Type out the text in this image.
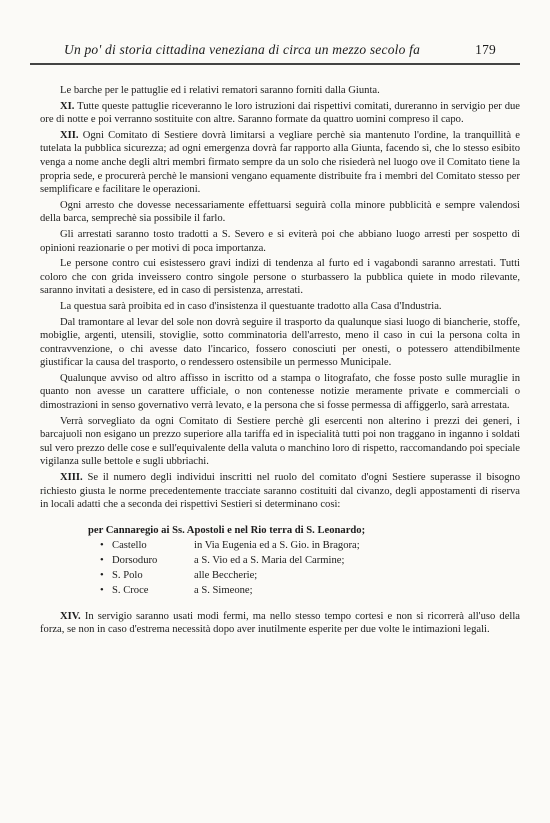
Un po' di storia cittadina veneziana di circa un mezzo secolo fa	179

Le barche per le pattuglie ed i relativi rematori saranno forniti dalla Giunta.

XI. Tutte queste pattuglie riceveranno le loro istruzioni dai rispettivi comitati, dureranno in servigio per due ore di notte e poi verranno sostituite con altre. Saranno formate da quattro uomini compreso il capo.

XII. Ogni Comitato di Sestiere dovrà limitarsi a vegliare perchè sia mantenuto l'ordine, la tranquillità e tutelata la pubblica sicurezza; ad ogni emergenza dovrà far rapporto alla Giunta, facendo sì, che lo stesso esibito venga a nome anche degli altri membri firmato sempre da un solo che risiederà nel luogo ove il Comitato tiene la propria sede, e procurerà perchè le mansioni vengano equamente distribuite fra i membri del Comitato stesso per semplificare e facilitare le operazioni.

Ogni arresto che dovesse necessariamente effettuarsi seguirà colla minore pubblicità e sempre valendosi della barca, semprechè sia possibile il farlo.

Gli arrestati saranno tosto tradotti a S. Severo e si eviterà poi che abbiano luogo arresti per sospetto di opinioni reazionarie o per motivi di poca importanza.

Le persone contro cui esistessero gravi indizi di tendenza al furto ed i vagabondi saranno arrestati. Tutti coloro che con grida inveissero contro singole persone o sturbassero la pubblica quiete in modo rilevante, saranno invitati a desistere, ed in caso di persistenza, arrestati.

La questua sarà proibita ed in caso d'insistenza il questuante tradotto alla Casa d'Industria.

Dal tramontare al levar del sole non dovrà seguire il trasporto da qualunque siasi luogo di biancherie, stoffe, mobiglie, argenti, utensili, stoviglie, sotto comminatoria dell'arresto, meno il caso in cui la persona colta in contravvenzione, o chi avesse dato l'incarico, fossero conosciuti per onesti, o potessero attendibilmente giustificar la causa del trasporto, o rendessero ostensibile un permesso Municipale.

Qualunque avviso od altro affisso in iscritto od a stampa o litografato, che fosse posto sulle muraglie in quanto non avesse un carattere ufficiale, o non contenesse notizie meramente private e commerciali o dimostrazioni in senso governativo verrà levato, e la persona che si fosse permessa di affiggerlo, sarà arrestata.

Verrà sorvegliato da ogni Comitato di Sestiere perchè gli esercenti non alterino i prezzi dei generi, i barcajuoli non esigano un prezzo superiore alla tariffa ed in ispecialità tutti poi non traggano in inganno i soldati sul vero prezzo delle cose e sull'equivalente della valuta o manchino loro di rispetto, raccomandando poi speciale vigilanza sulle bettole e sugli ubbriachi.

XIII. Se il numero degli individui inscritti nel ruolo del comitato d'ogni Sestiere superasse il bisogno richiesto giusta le norme precedentemente tracciate saranno costituiti dal civanzo, degli appostamenti di riserva in locali adatti che a seconda dei rispettivi Sestieri si determinano così:

per Cannaregio ai Ss. Apostoli e nel Rio terra di S. Leonardo;
• Castello	in Via Eugenia ed a S. Gio. in Bragora;
• Dorsoduro	a S. Vio ed a S. Maria del Carmine;
• S. Polo	alle Beccherie;
• S. Croce	a S. Simeone;

XIV. In servigio saranno usati modi fermi, ma nello stesso tempo cortesi e non si ricorrerà all'uso della forza, se non in caso d'estrema necessità dopo aver inutilmente esperite per due volte le intimazioni legali.
